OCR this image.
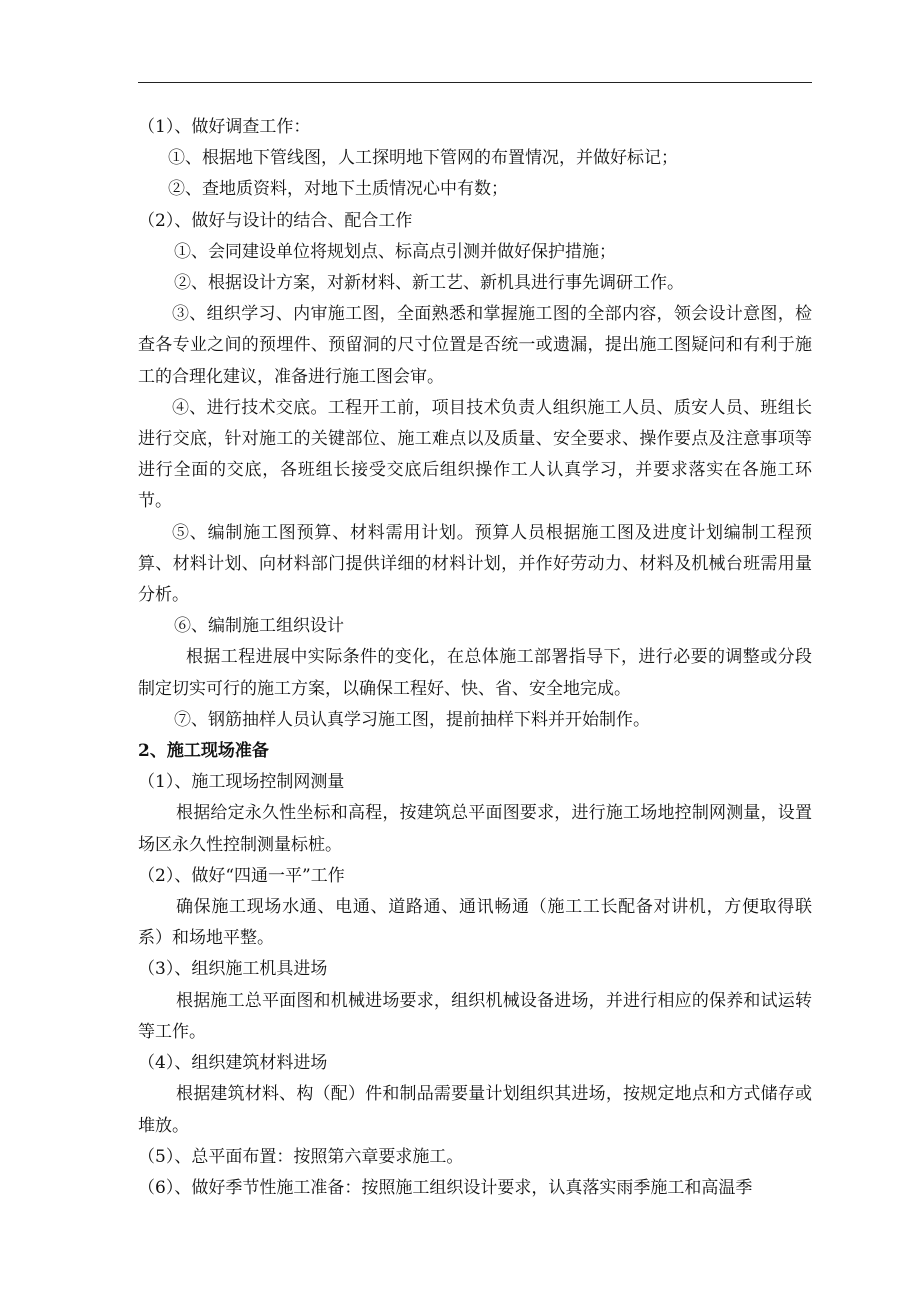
（1）、做好调查工作：

①、根据地下管线图，人工探明地下管网的布置情况，并做好标记；

②、查地质资料，对地下土质情况心中有数；

（2）、做好与设计的结合、配合工作

①、会同建设单位将规划点、标高点引测并做好保护措施；

②、根据设计方案，对新材料、新工艺、新机具进行事先调研工作。

③、组织学习、内审施工图，全面熟悉和掌握施工图的全部内容，领会设计意图，检查各专业之间的预埋件、预留洞的尺寸位置是否统一或遗漏，提出施工图疑问和有利于施工的合理化建议，准备进行施工图会审。

④、进行技术交底。工程开工前，项目技术负责人组织施工人员、质安人员、班组长进行交底，针对施工的关键部位、施工难点以及质量、安全要求、操作要点及注意事项等进行全面的交底，各班组长接受交底后组织操作工人认真学习，并要求落实在各施工环节。

⑤、编制施工图预算、材料需用计划。预算人员根据施工图及进度计划编制工程预算、材料计划、向材料部门提供详细的材料计划，并作好劳动力、材料及机械台班需用量分析。

⑥、编制施工组织设计

根据工程进展中实际条件的变化，在总体施工部署指导下，进行必要的调整或分段制定切实可行的施工方案，以确保工程好、快、省、安全地完成。

⑦、钢筋抽样人员认真学习施工图，提前抽样下料并开始制作。

2、施工现场准备

（1）、施工现场控制网测量

根据给定永久性坐标和高程，按建筑总平面图要求，进行施工场地控制网测量，设置场区永久性控制测量标桩。

（2）、做好“四通一平”工作

确保施工现场水通、电通、道路通、通讯畅通（施工工长配备对讲机，方便取得联系）和场地平整。

（3）、组织施工机具进场

根据施工总平面图和机械进场要求，组织机械设备进场，并进行相应的保养和试运转等工作。

（4）、组织建筑材料进场

根据建筑材料、构（配）件和制品需要量计划组织其进场，按规定地点和方式储存或堆放。

（5）、总平面布置：按照第六章要求施工。

（6）、做好季节性施工准备：按照施工组织设计要求，认真落实雨季施工和高温季
